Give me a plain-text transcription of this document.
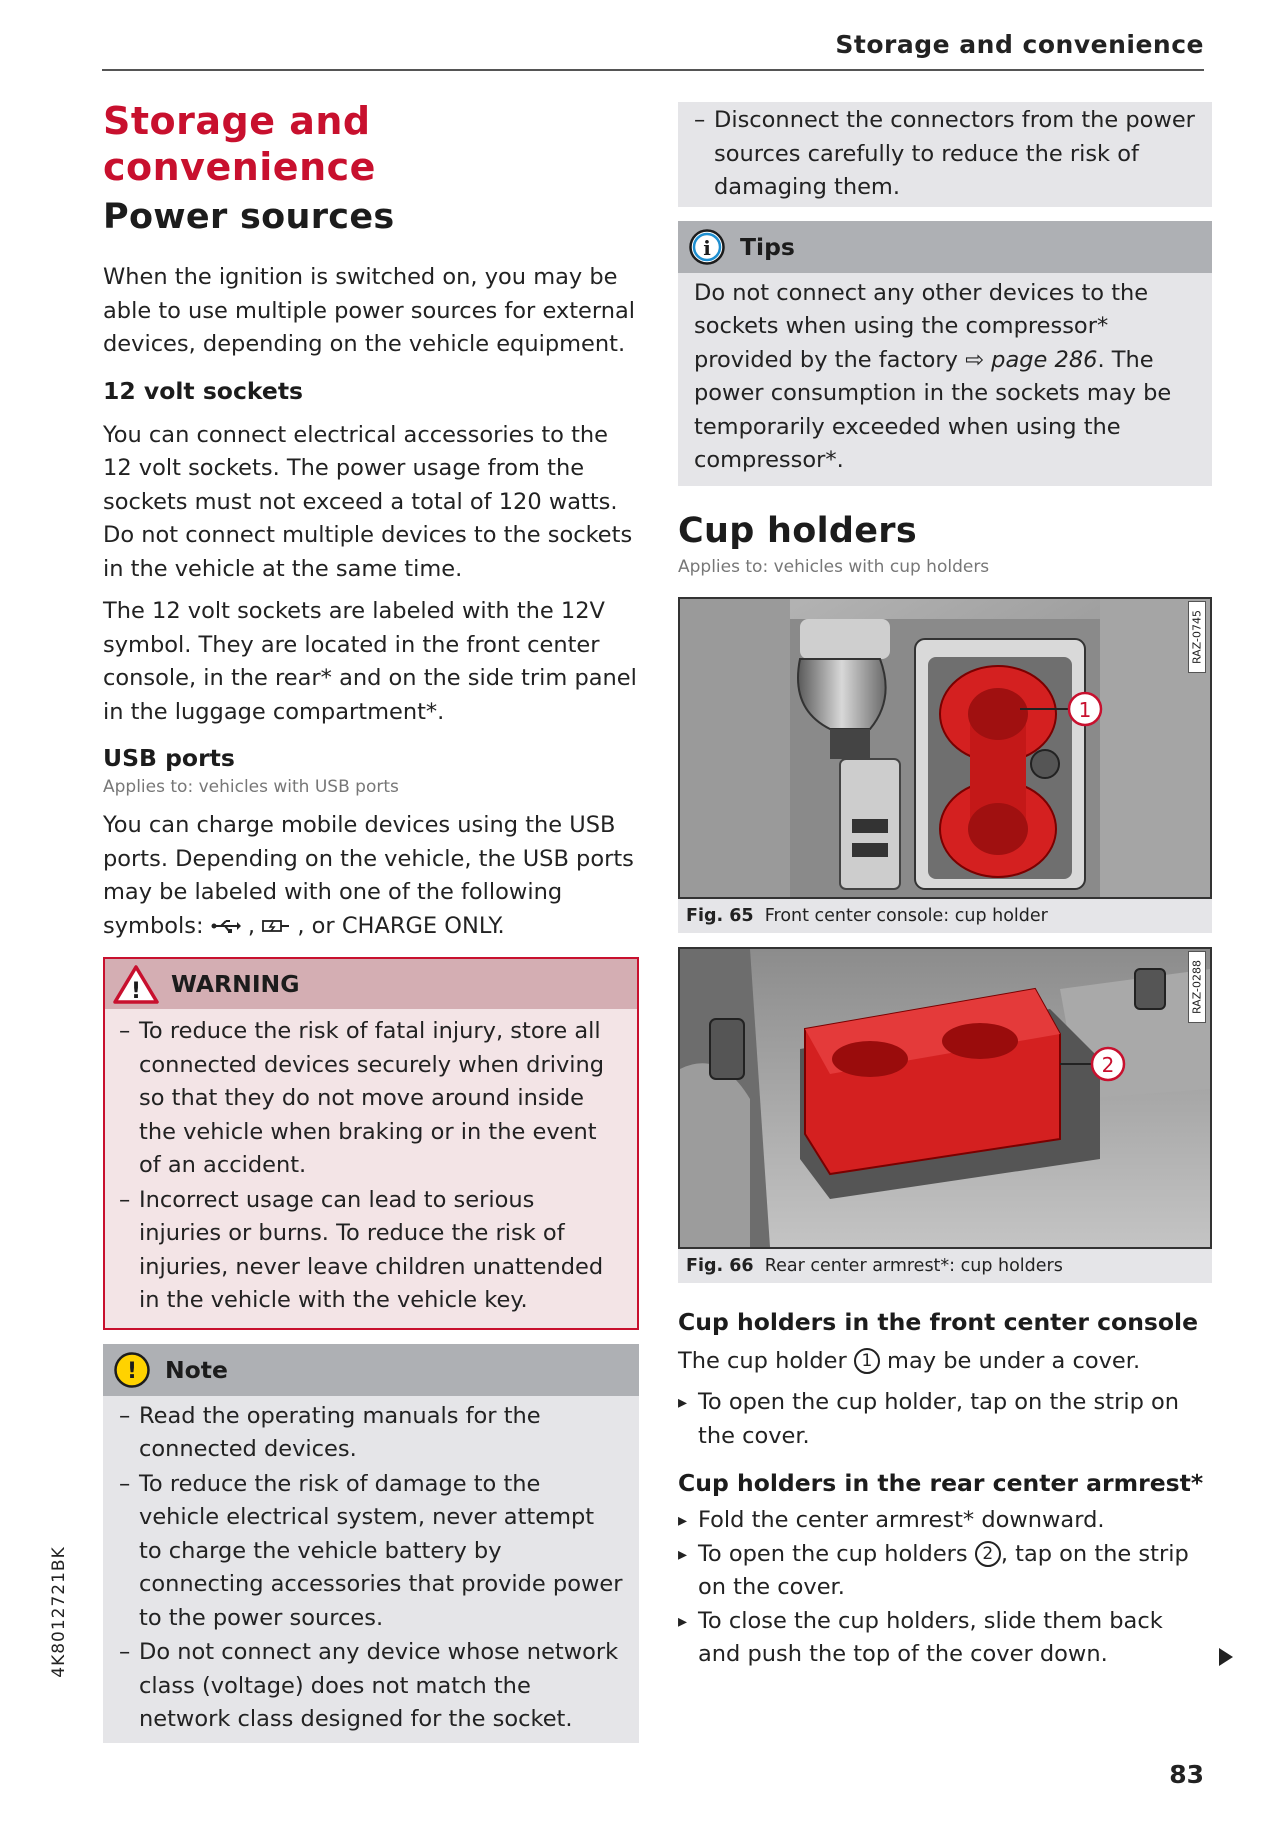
Storage and convenience
Storage and convenience
Power sources

When the ignition is switched on, you may be able to use multiple power sources for external devices, depending on the vehicle equipment.

12 volt sockets

You can connect electrical accessories to the 12 volt sockets. The power usage from the sockets must not exceed a total of 120 watts. Do not connect multiple devices to the sockets in the vehicle at the same time.

The 12 volt sockets are labeled with the 12V symbol. They are located in the front center console, in the rear* and on the side trim panel in the luggage compartment*.

USB ports
Applies to: vehicles with USB ports

You can charge mobile devices using the USB ports. Depending on the vehicle, the USB ports may be labeled with one of the following symbols:  ,  , or CHARGE ONLY.

! WARNING
– To reduce the risk of fatal injury, store all connected devices securely when driving so that they do not move around inside the vehicle when braking or in the event of an accident.
– Incorrect usage can lead to serious injuries or burns. To reduce the risk of injuries, never leave children unattended in the vehicle with the vehicle key.
! Note
– Read the operating manuals for the connected devices.
– To reduce the risk of damage to the vehicle electrical system, never attempt to charge the vehicle battery by connecting accessories that provide power to the power sources.
– Do not connect any device whose network class (voltage) does not match the network class designed for the socket.
– Disconnect the connectors from the power sources carefully to reduce the risk of damaging them.
i Tips

Do not connect any other devices to the sockets when using the compressor* provided by the factory ⇨ page 286. The power consumption in the sockets may be temporarily exceeded when using the compressor*.

Cup holders
Applies to: vehicles with cup holders
1
RAZ-0745
Fig. 65 Front center console: cup holder
2
RAZ-0288
Fig. 66 Rear center armrest*: cup holders
Cup holders in the front center console

The cup holder 1 may be under a cover.

▸ To open the cup holder, tap on the strip on the cover.
Cup holders in the rear center armrest*
▸ Fold the center armrest* downward.
▸ To open the cup holders 2 , tap on the strip on the cover.
▸ To close the cup holders, slide them back and push the top of the cover down.
4K8012721BK
83
